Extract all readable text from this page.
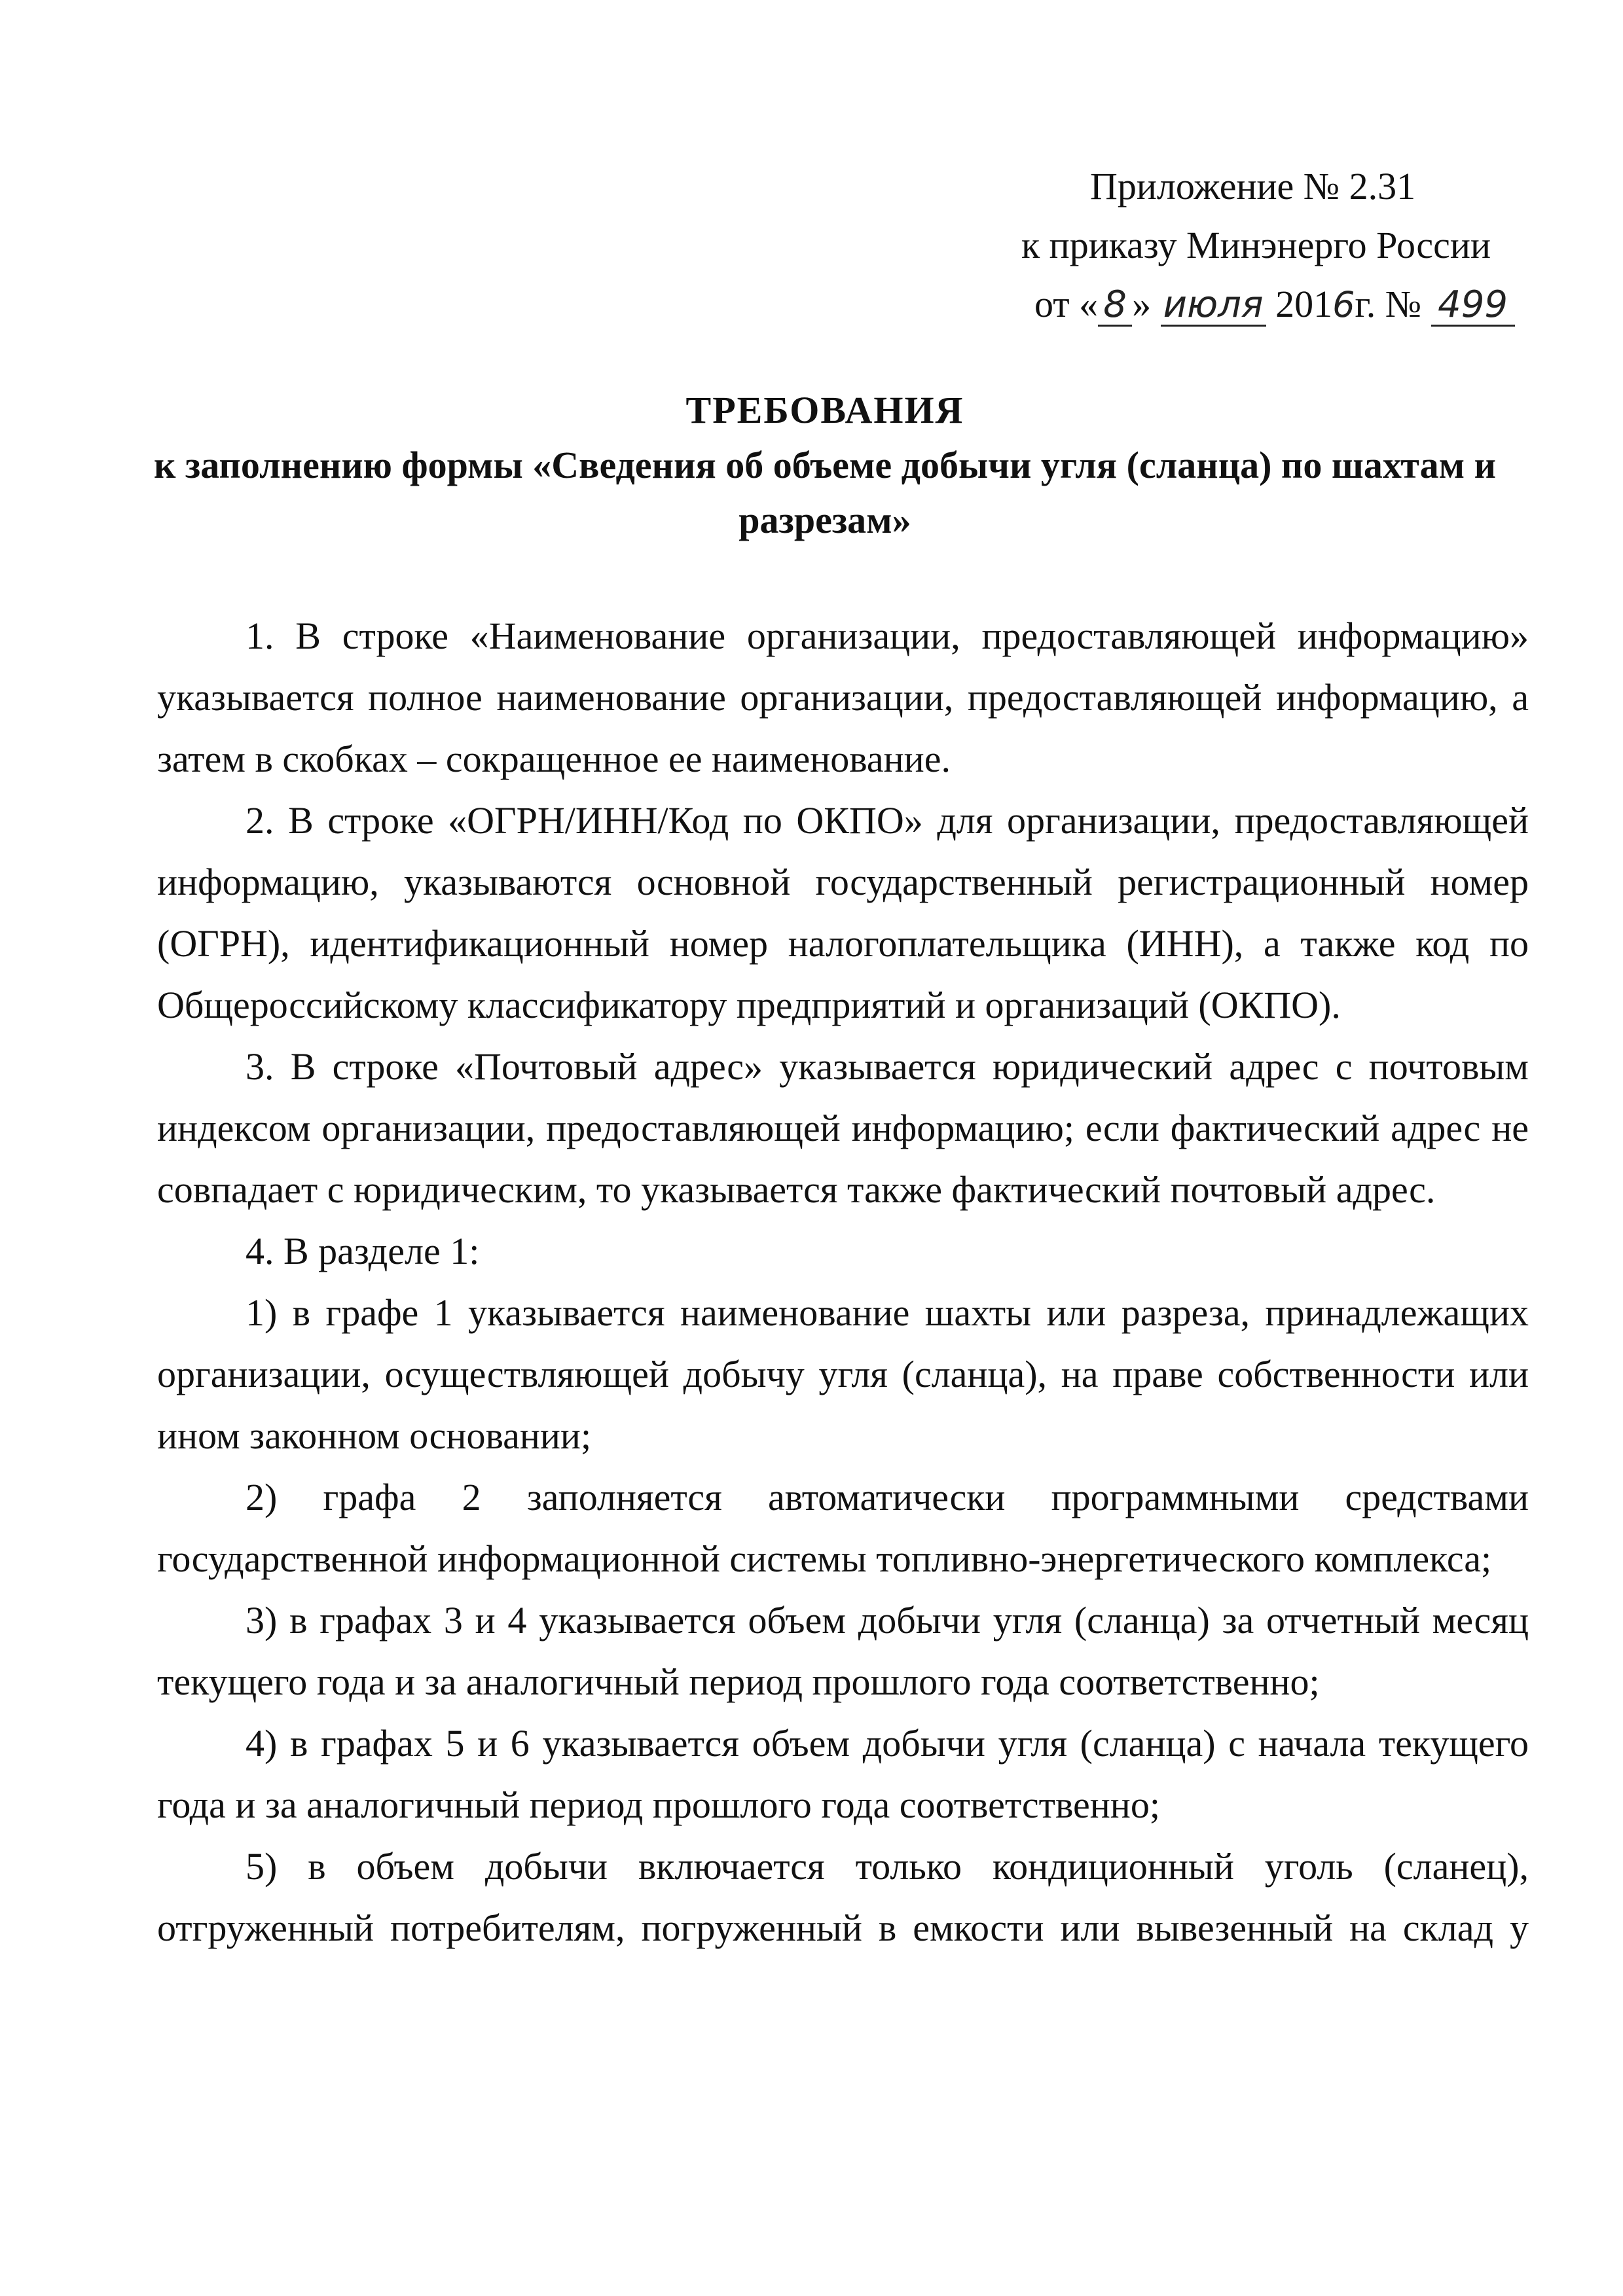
Приложение № 2.31
к приказу Минэнерго России
от « 8 » июля 2016г. № 499
ТРЕБОВАНИЯ
к заполнению формы «Сведения об объеме добычи угля (сланца) по шахтам и разрезам»

1. В строке «Наименование организации, предоставляющей информацию» указывается полное наименование организации, предоставляющей информацию, а затем в скобках – сокращенное ее наименование.

2. В строке «ОГРН/ИНН/Код по ОКПО» для организации, предоставляющей информацию, указываются основной государственный регистрационный номер (ОГРН), идентификационный номер налогоплательщика (ИНН), а также код по Общероссийскому классификатору предприятий и организаций (ОКПО).

3. В строке «Почтовый адрес» указывается юридический адрес с почтовым индексом организации, предоставляющей информацию; если фактический адрес не совпадает с юридическим, то указывается также фактический почтовый адрес.

4. В разделе 1:

1) в графе 1 указывается наименование шахты или разреза, принадлежащих организации, осуществляющей добычу угля (сланца), на праве собственности или ином законном основании;

2) графа 2 заполняется автоматически программными средствами государственной информационной системы топливно-энергетического комплекса;

3) в графах 3 и 4 указывается объем добычи угля (сланца) за отчетный месяц текущего года и за аналогичный период прошлого года соответственно;

4) в графах 5 и 6 указывается объем добычи угля (сланца) с начала текущего года и за аналогичный период прошлого года соответственно;

5) в объем добычи включается только кондиционный уголь (сланец), отгруженный потребителям, погруженный в емкости или вывезенный на склад у
